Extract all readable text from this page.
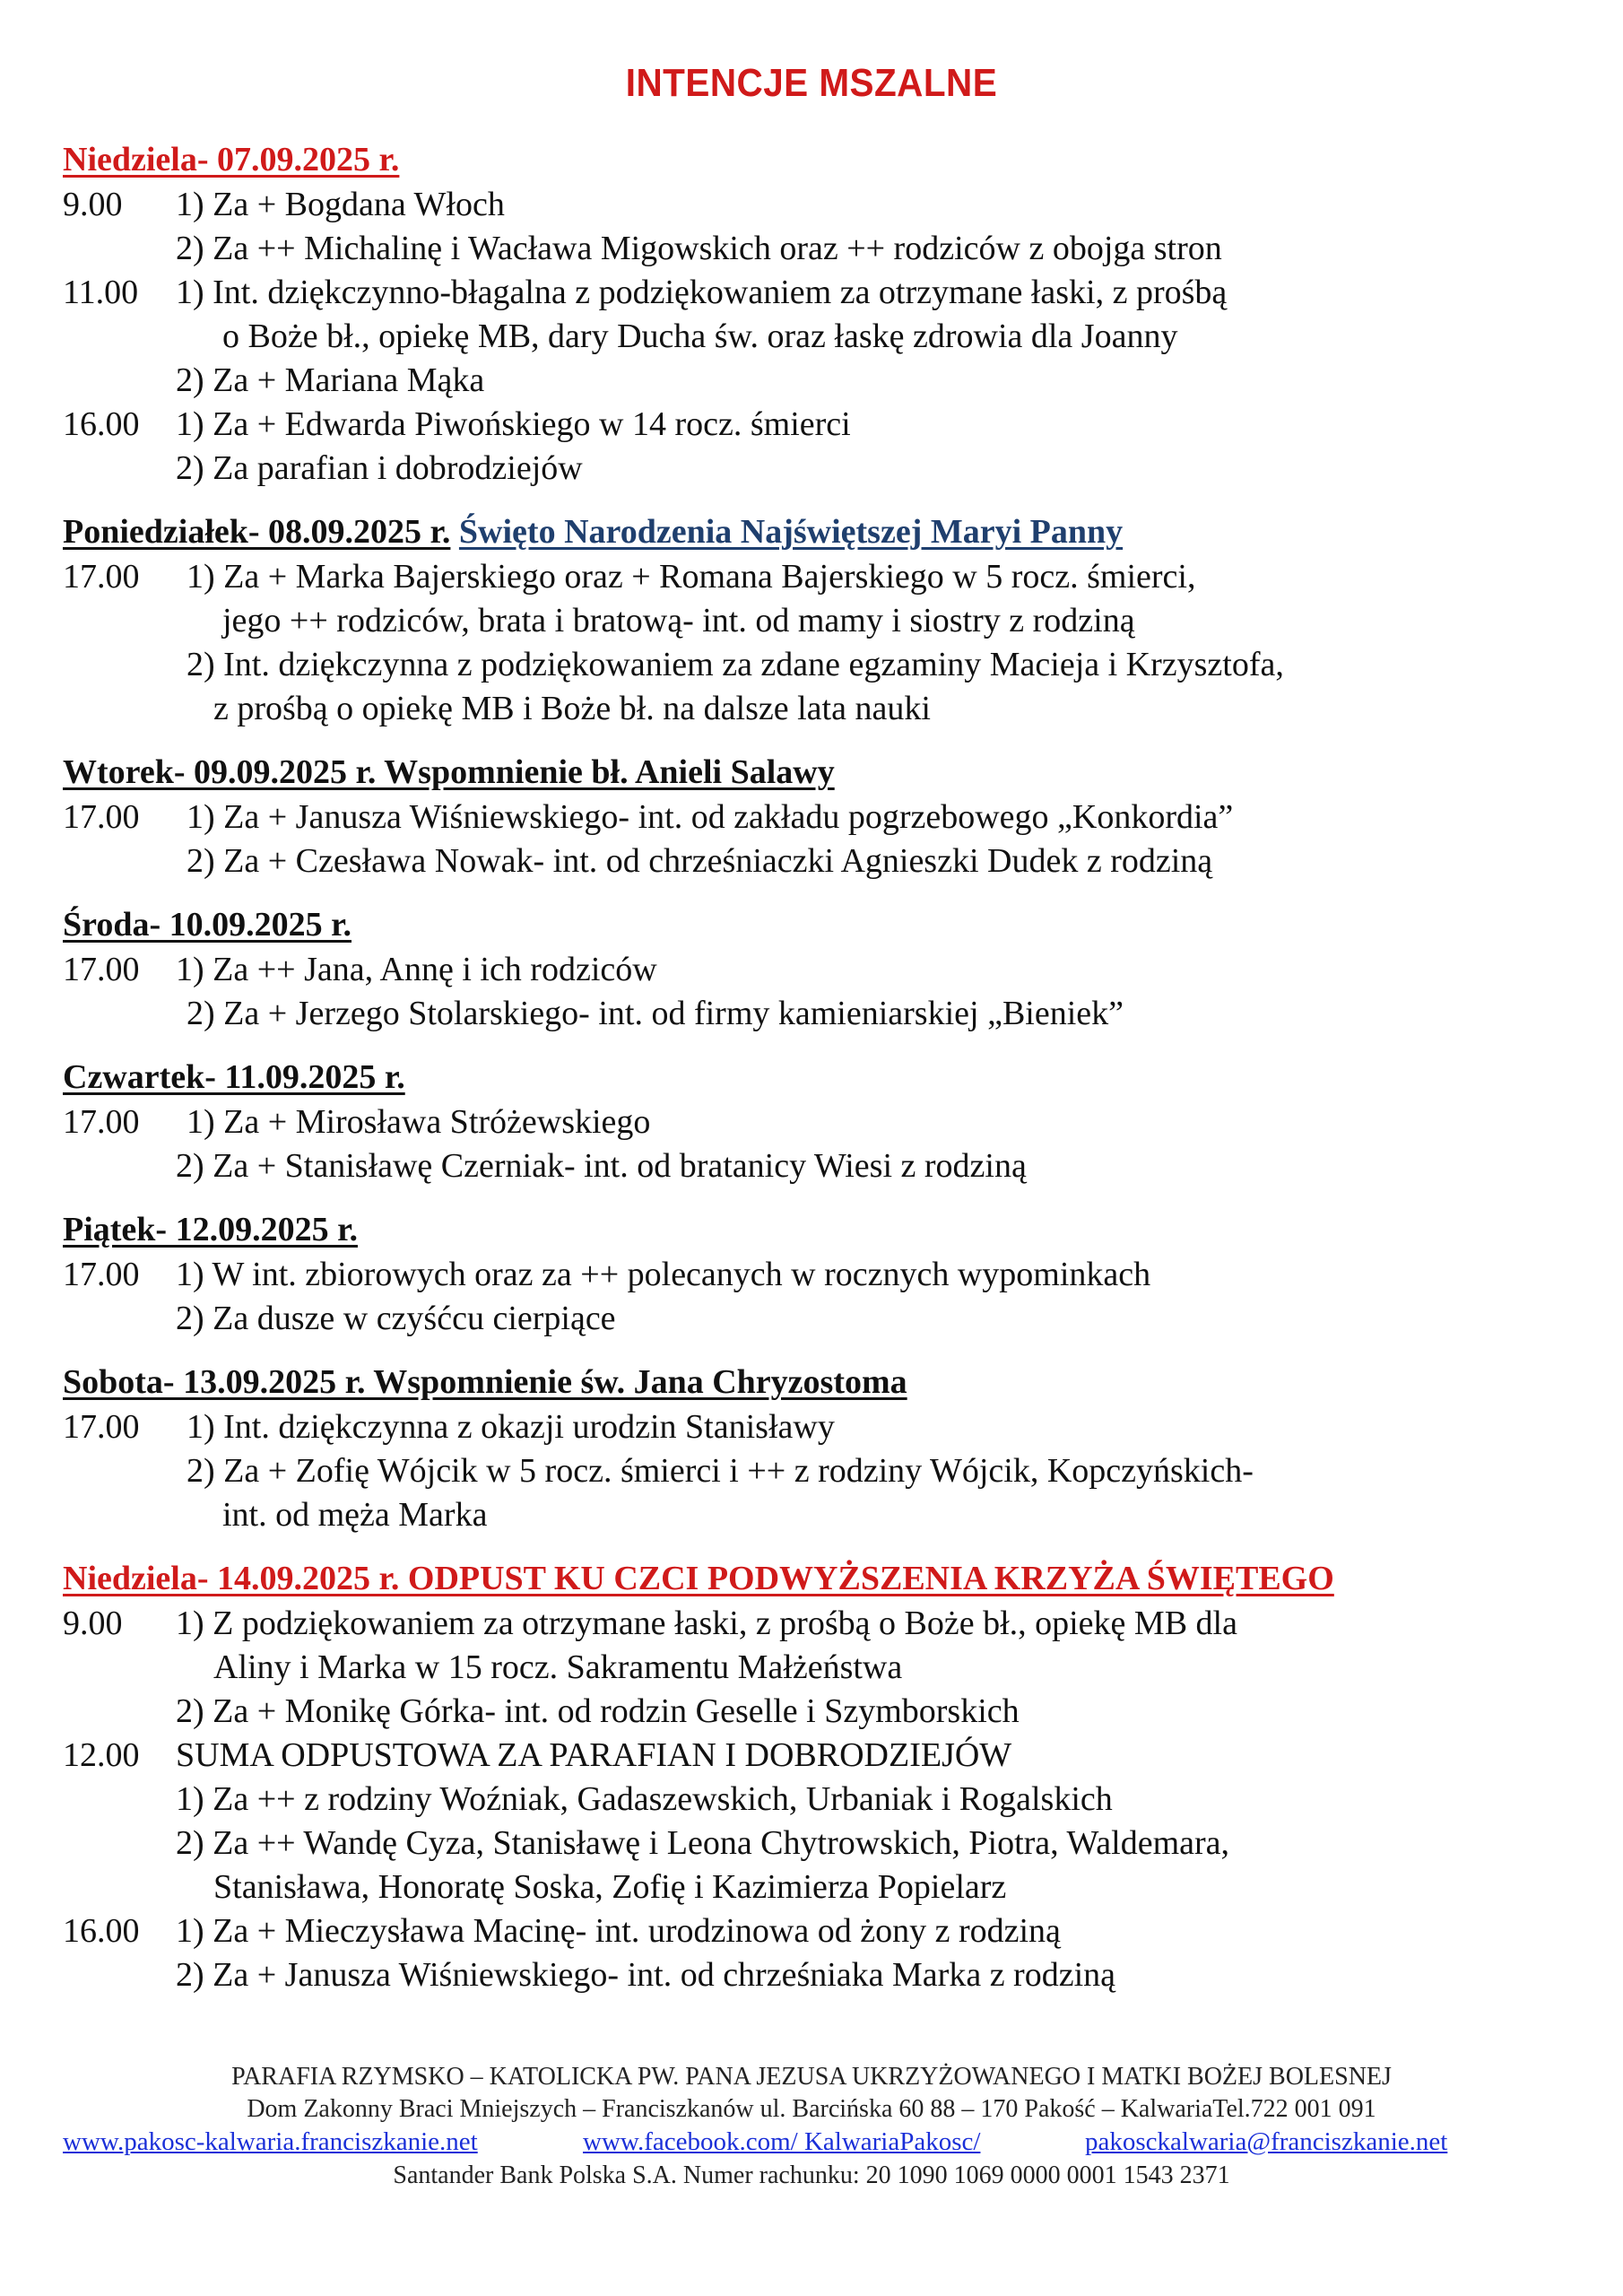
INTENCJE MSZALNE
Niedziela- 07.09.2025 r.
9.00 1) Za + Bogdana Włoch
2) Za ++ Michalinę i Wacława Migowskich oraz ++ rodziców z obojga stron
11.00 1) Int. dziękczynno-błagalna z podziękowaniem za otrzymane łaski, z prośbą
o Boże bł., opiekę MB, dary Ducha św. oraz łaskę zdrowia dla Joanny
2) Za + Mariana Mąka
16.00 1) Za + Edwarda Piwońskiego w 14 rocz. śmierci
2) Za parafian i dobrodziejów
Poniedziałek- 08.09.2025 r. Święto Narodzenia Najświętszej Maryi Panny
17.00 1) Za + Marka Bajerskiego oraz + Romana Bajerskiego w 5 rocz. śmierci,
jego ++ rodziców, brata i bratową- int. od mamy i siostry z rodziną
2) Int. dziękczynna z podziękowaniem za zdane egzaminy Macieja i Krzysztofa,
z prośbą o opiekę MB i Boże bł. na dalsze lata nauki
Wtorek- 09.09.2025 r. Wspomnienie bł. Anieli Salawy
17.00 1) Za + Janusza Wiśniewskiego- int. od zakładu pogrzebowego „Konkordia”
2) Za + Czesława Nowak- int. od chrześniaczki Agnieszki Dudek z rodziną
Środa- 10.09.2025 r.
17.00 1) Za ++ Jana, Annę i ich rodziców
2) Za + Jerzego Stolarskiego- int. od firmy kamieniarskiej „Bieniek”
Czwartek- 11.09.2025 r.
17.00 1) Za + Mirosława Stróżewskiego
2) Za + Stanisławę Czerniak- int. od bratanicy Wiesi z rodziną
Piątek- 12.09.2025 r.
17.00 1) W int. zbiorowych oraz za ++ polecanych w rocznych wypominkach
2) Za dusze w czyśćcu cierpiące
Sobota- 13.09.2025 r. Wspomnienie św. Jana Chryzostoma
17.00 1) Int. dziękczynna z okazji urodzin Stanisławy
2) Za + Zofię Wójcik w 5 rocz. śmierci i ++ z rodziny Wójcik, Kopczyńskich-
int. od męża Marka
Niedziela- 14.09.2025 r. ODPUST KU CZCI PODWYŻSZENIA KRZYŻA ŚWIĘTEGO
9.00 1) Z podziękowaniem za otrzymane łaski, z prośbą o Boże bł., opiekę MB dla
Aliny i Marka w 15 rocz. Sakramentu Małżeństwa
2) Za + Monikę Górka- int. od rodzin Geselle i Szymborskich
12.00 SUMA ODPUSTOWA ZA PARAFIAN I DOBRODZIEJÓW
1) Za ++ z rodziny Woźniak, Gadaszewskich, Urbaniak i Rogalskich
2) Za ++ Wandę Cyza, Stanisławę i Leona Chytrowskich, Piotra, Waldemara,
Stanisława, Honoratę Soska, Zofię i Kazimierza Popielarz
16.00 1) Za + Mieczysława Macinę- int. urodzinowa od żony z rodziną
2) Za + Janusza Wiśniewskiego- int. od chrześniaka Marka z rodziną
PARAFIA RZYMSKO – KATOLICKA PW. PANA JEZUSA UKRZYŻOWANEGO I MATKI BOŻEJ BOLESNEJ
Dom Zakonny Braci Mniejszych – Franciszkanów ul. Barcińska 60 88 – 170 Pakość – KalwariaTel.722 001 091
www.pakosc-kalwaria.franciszkanie.net	www.facebook.com/ KalwariaPakosc/	pakosckalwaria@franciszkanie.net
Santander Bank Polska S.A. Numer rachunku: 20 1090 1069 0000 0001 1543 2371
